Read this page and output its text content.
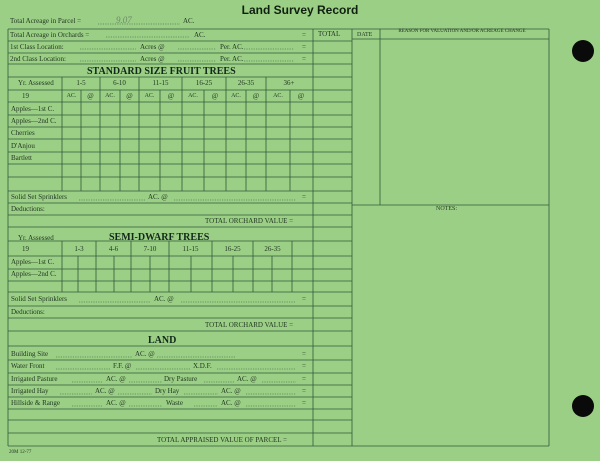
Land Survey Record
Total Acreage in Parcel =	9.07	AC.
Total Acreage in Orchards =	AC.	=
1st Class Location:	Acres @	Per. AC.	=
2nd Class Location:	Acres @	Per. AC.	=
TOTAL	DATE
REASON FOR VALUATION AND/OR ACREAGE CHANGE
NOTES:
STANDARD SIZE FRUIT TREES
Yr. Assessed
19
1-5	6-10	11-15	16-25	26-35	36+
AC.	@	AC.	@	AC.	@	AC.	@	AC.	@	AC.	@
Apples—1st C.
Apples—2nd C.
Cherries
D'Anjou
Bartlett
Solid Set Sprinklers	AC. @	=
Deductions:
TOTAL ORCHARD VALUE =
Yr. Assessed	SEMI-DWARF TREES
19	1-3	4-6	7-10	11-15	16-25	26-35
Apples—1st C.
Apples—2nd C.
Solid Set Sprinklers	AC. @	=
Deductions:
TOTAL ORCHARD VALUE =
LAND
Building Site	AC. @	=
Water Front	F.F. @	X.D.F.	=
Irrigated Pasture	AC. @	Dry Pasture	AC. @	=
Irrigated Hay	AC. @	Dry Hay	AC. @	=
Hillside & Range	AC. @	Waste	AC. @	=
TOTAL APPRAISED VALUE OF PARCEL =
20M 12-77
